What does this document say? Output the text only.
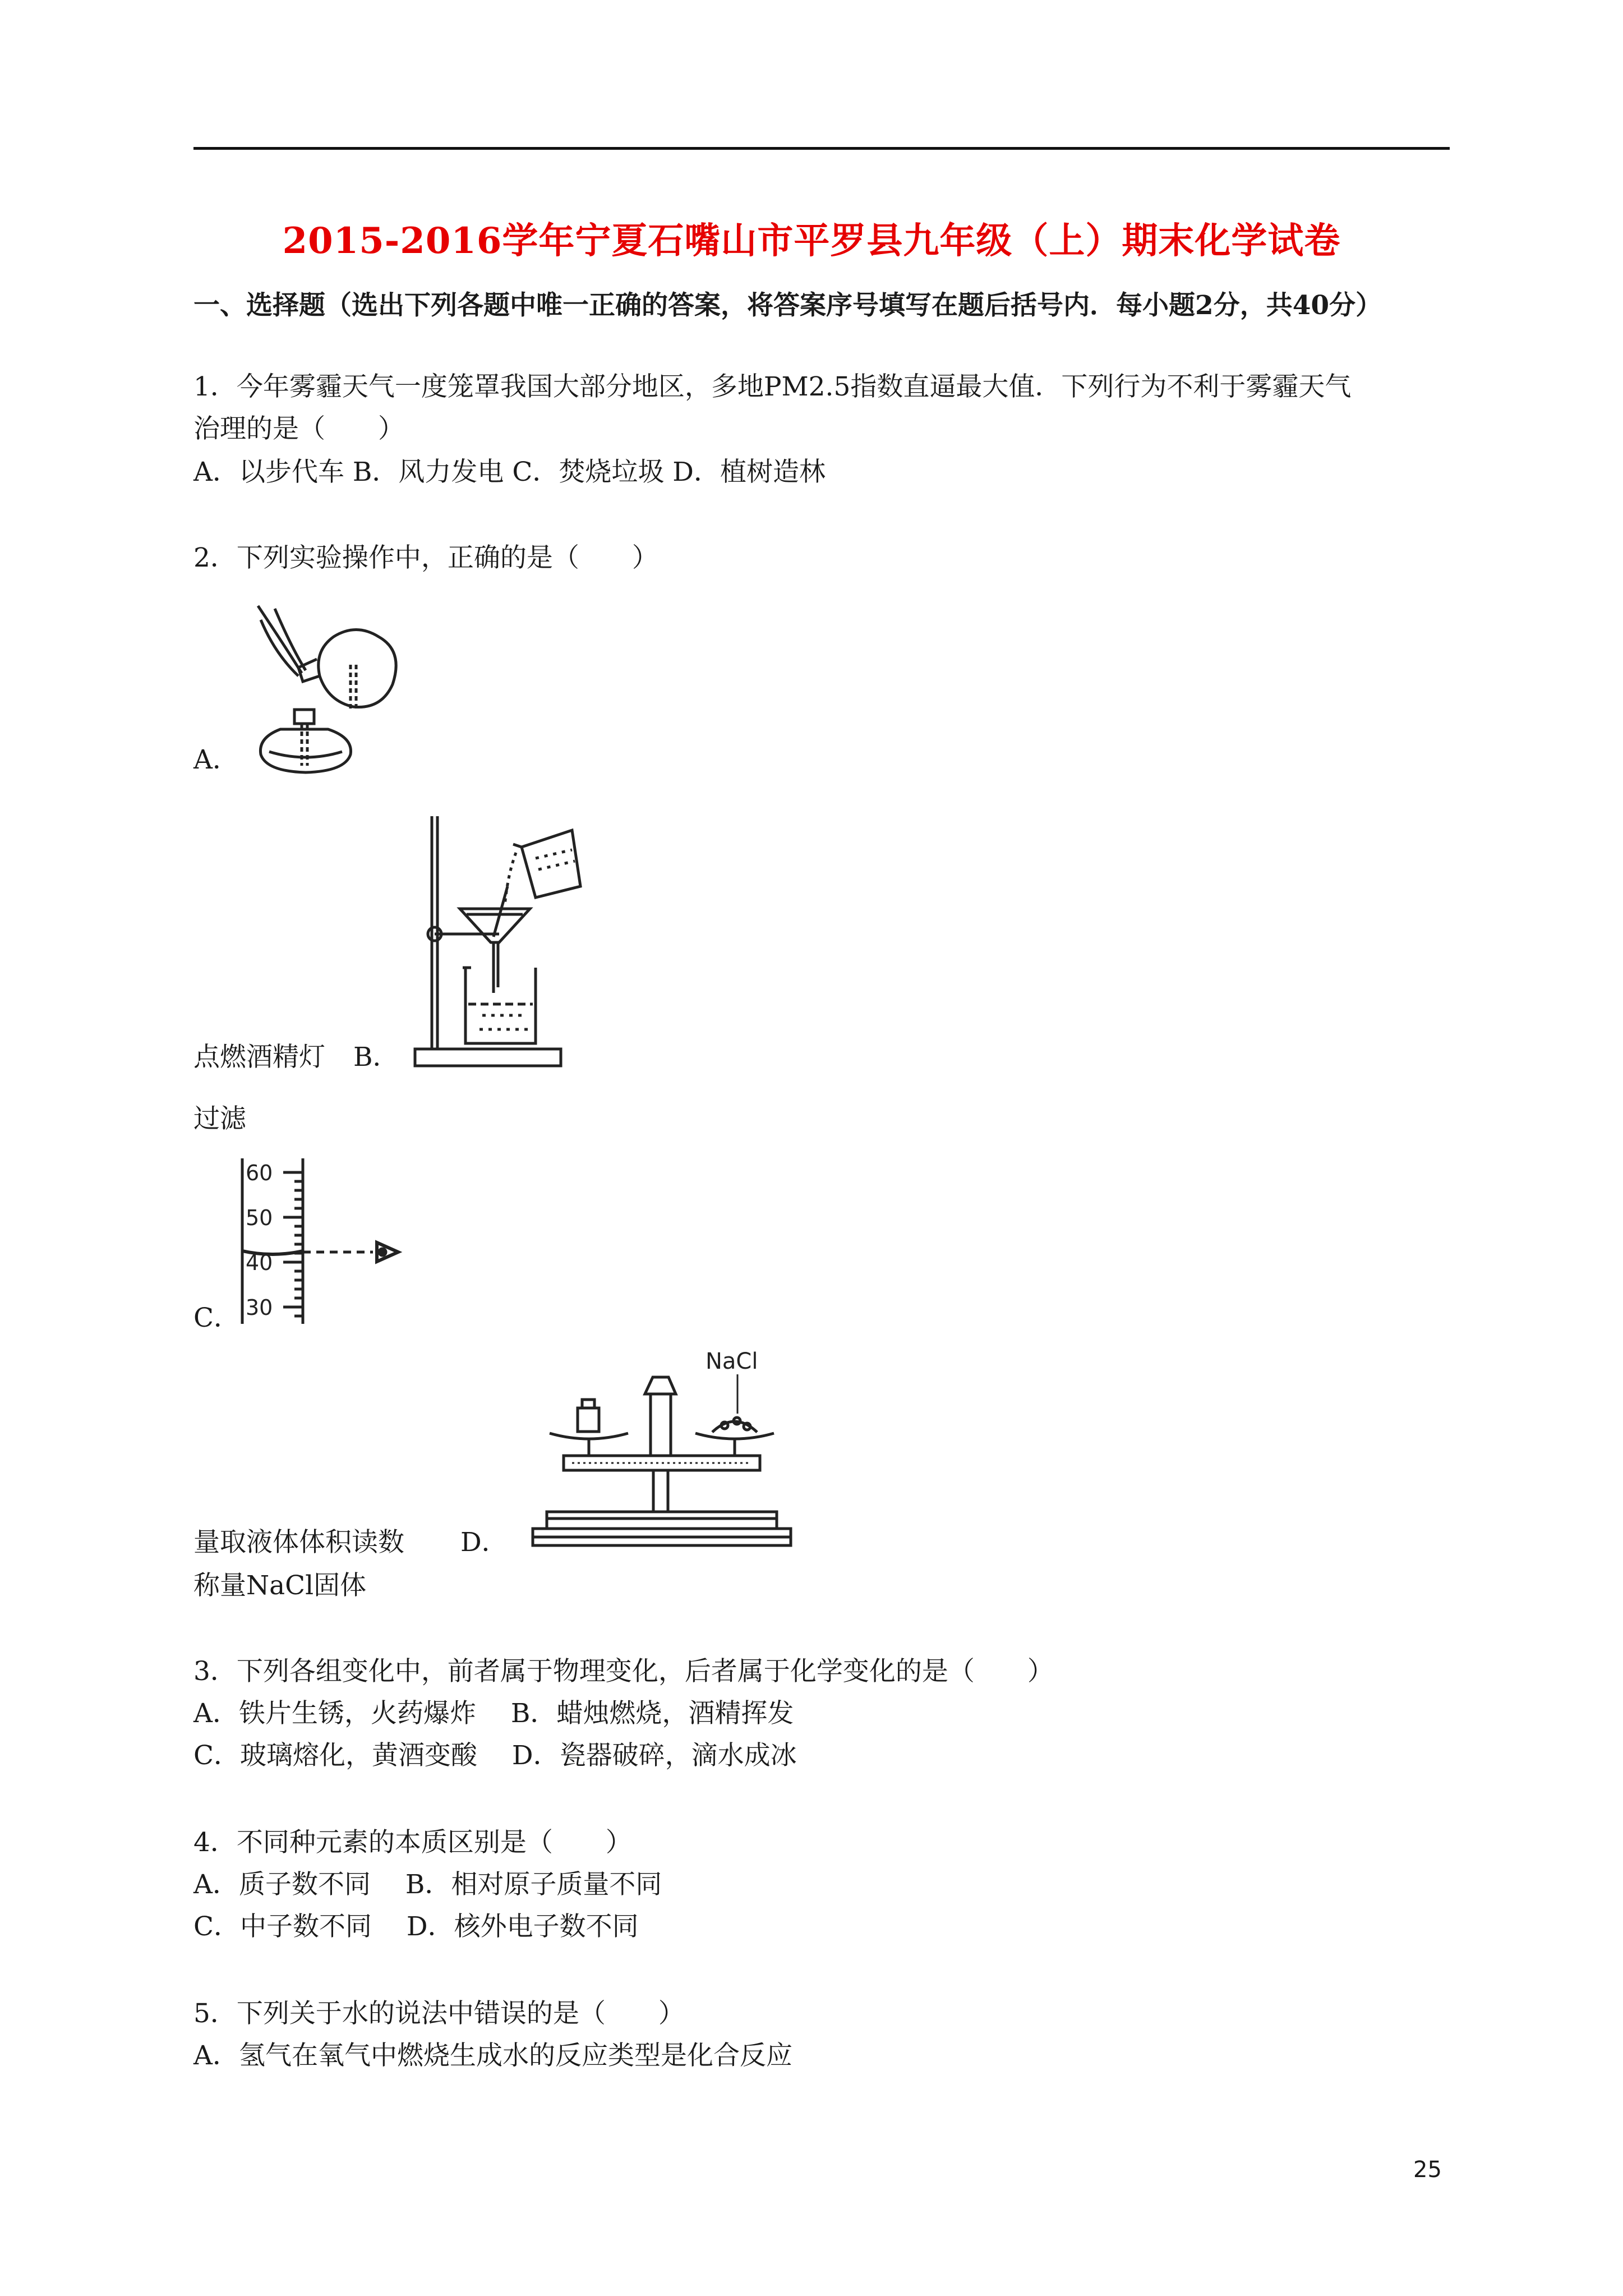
2015-2016学年宁夏石嘴山市平罗县九年级（上）期末化学试卷
一、选择题（选出下列各题中唯一正确的答案，将答案序号填写在题后括号内．每小题2分，共40分）
1．今年雾霾天气一度笼罩我国大部分地区，多地PM2.5指数直逼最大值．下列行为不利于雾霾天气
治理的是（　　）
A．以步代车 B．风力发电 C．焚烧垃圾 D．植树造林
2．下列实验操作中，正确的是（　　）
A．
点燃酒精灯 B．
过滤
60
50
40
30
C．
NaCl
量取液体体积读数 D．
称量NaCl固体
3．下列各组变化中，前者属于物理变化，后者属于化学变化的是（　　）
A．铁片生锈，火药爆炸　 B．蜡烛燃烧，酒精挥发
C．玻璃熔化，黄酒变酸　 D．瓷器破碎，滴水成冰
4．不同种元素的本质区别是（　　）
A．质子数不同　 B．相对原子质量不同
C．中子数不同　 D．核外电子数不同
5．下列关于水的说法中错误的是（　　）
A．氢气在氧气中燃烧生成水的反应类型是化合反应
25
